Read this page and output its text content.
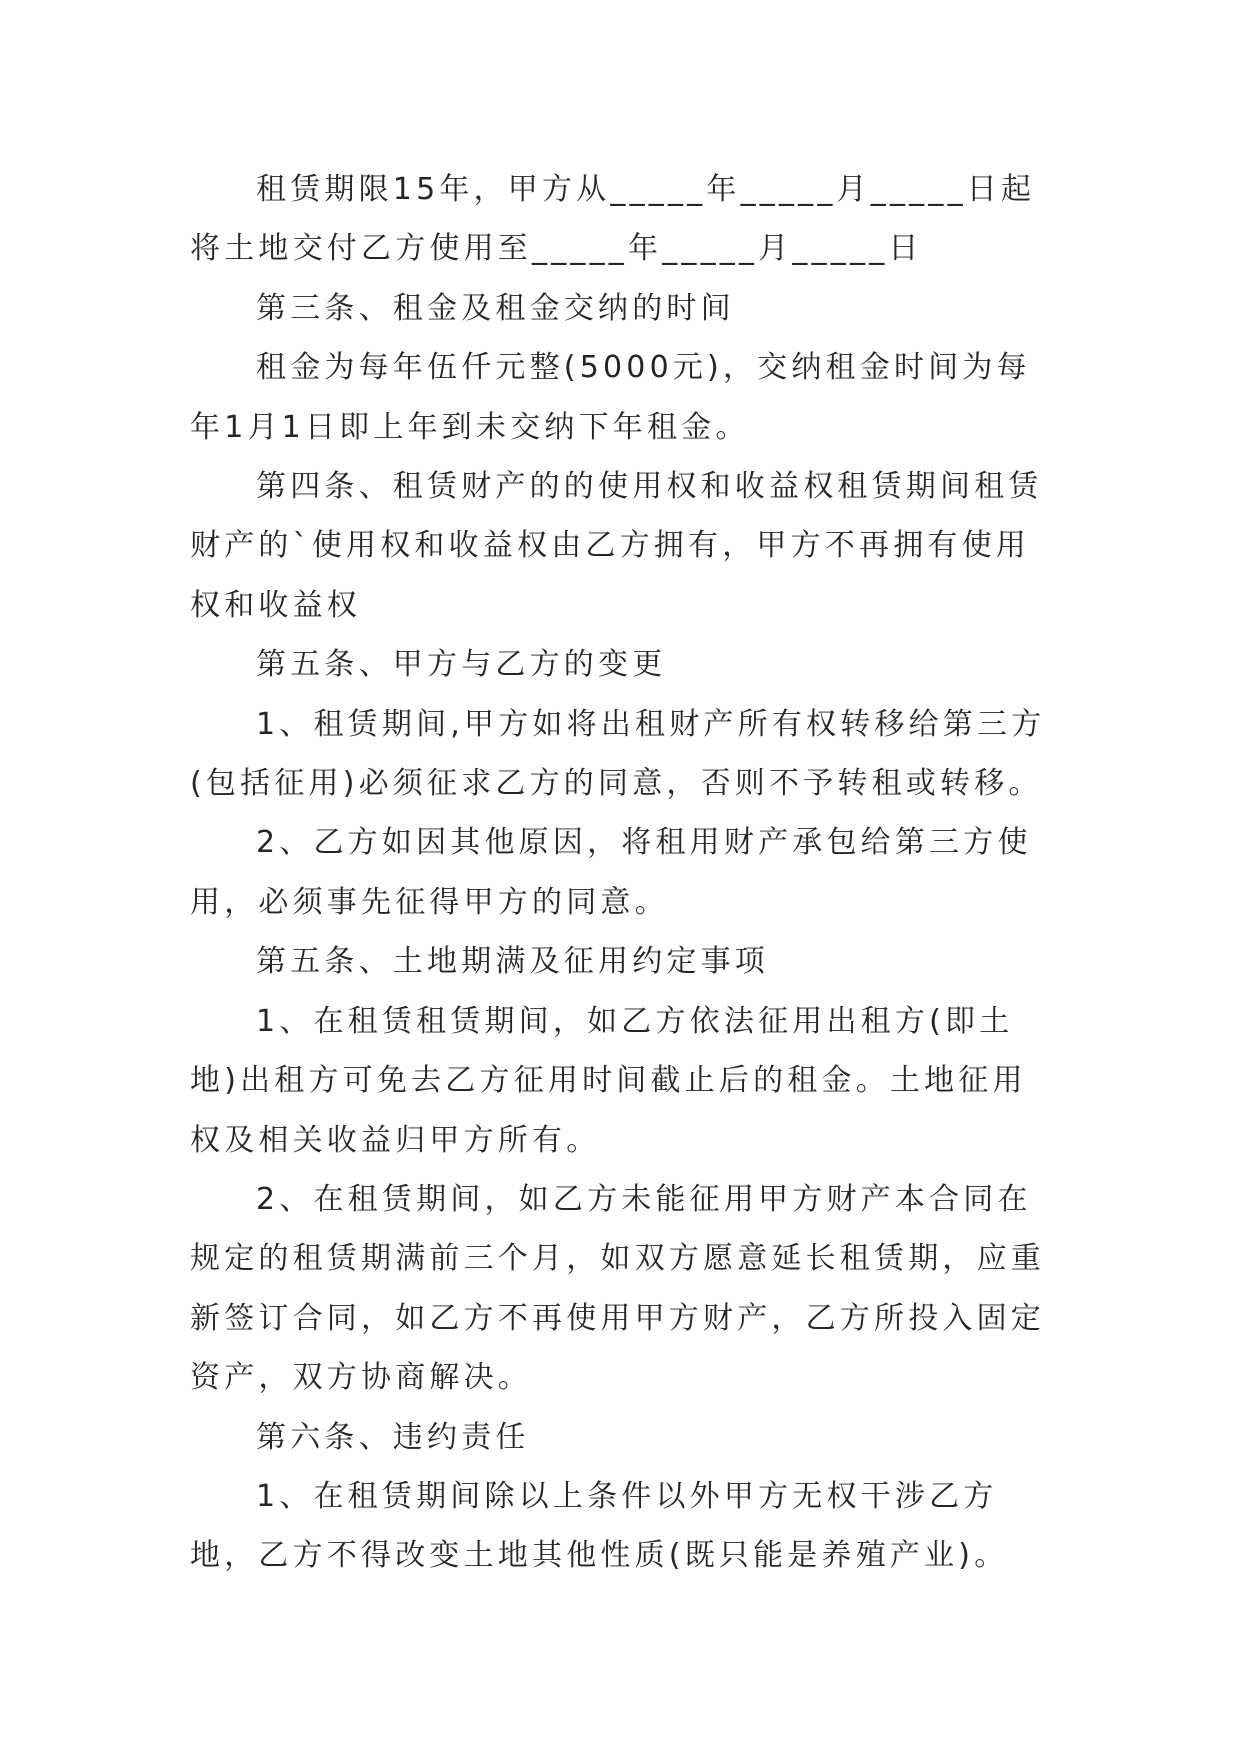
租赁期限15年，甲方从_____年_____月_____日起将土地交付乙方使用至_____年_____月_____日

第三条、租金及租金交纳的时间

租金为每年伍仟元整(5000元)，交纳租金时间为每年1月1日即上年到未交纳下年租金。

第四条、租赁财产的的使用权和收益权租赁期间租赁财产的`使用权和收益权由乙方拥有，甲方不再拥有使用权和收益权

第五条、甲方与乙方的变更

1、租赁期间,甲方如将出租财产所有权转移给第三方(包括征用)必须征求乙方的同意，否则不予转租或转移。

2、乙方如因其他原因，将租用财产承包给第三方使用，必须事先征得甲方的同意。

第五条、土地期满及征用约定事项

1、在租赁租赁期间，如乙方依法征用出租方(即土地)出租方可免去乙方征用时间截止后的租金。土地征用权及相关收益归甲方所有。

2、在租赁期间，如乙方未能征用甲方财产本合同在规定的租赁期满前三个月，如双方愿意延长租赁期，应重新签订合同，如乙方不再使用甲方财产，乙方所投入固定资产，双方协商解决。

第六条、违约责任

1、在租赁期间除以上条件以外甲方无权干涉乙方地，乙方不得改变土地其他性质(既只能是养殖产业)。
